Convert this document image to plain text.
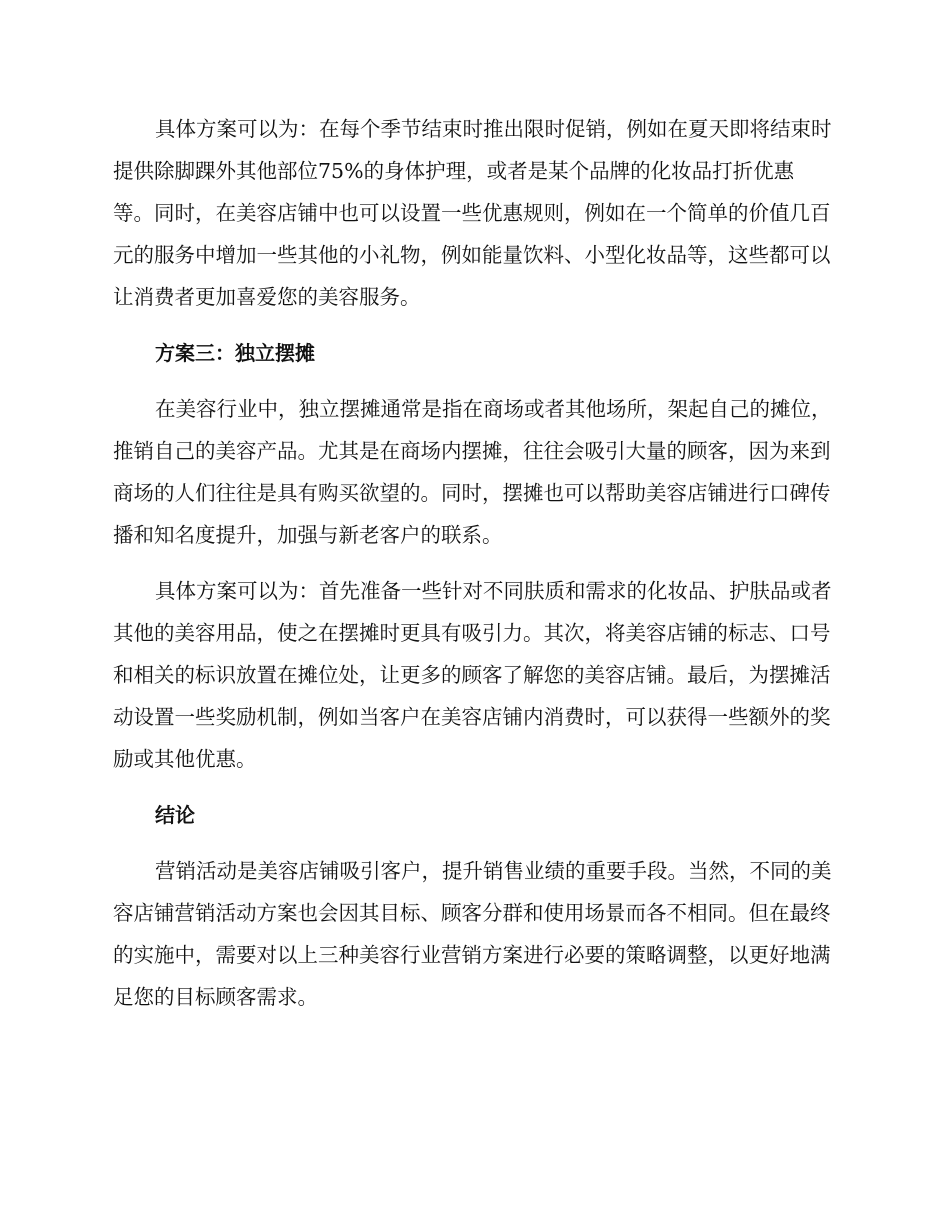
具体方案可以为：在每个季节结束时推出限时促销，例如在夏天即将结束时提供除脚踝外其他部位75%的身体护理，或者是某个品牌的化妆品打折优惠等。同时，在美容店铺中也可以设置一些优惠规则，例如在一个简单的价值几百元的服务中增加一些其他的小礼物，例如能量饮料、小型化妆品等，这些都可以让消费者更加喜爱您的美容服务。

方案三：独立摆摊

在美容行业中，独立摆摊通常是指在商场或者其他场所，架起自己的摊位，推销自己的美容产品。尤其是在商场内摆摊，往往会吸引大量的顾客，因为来到商场的人们往往是具有购买欲望的。同时，摆摊也可以帮助美容店铺进行口碑传播和知名度提升，加强与新老客户的联系。

具体方案可以为：首先准备一些针对不同肤质和需求的化妆品、护肤品或者其他的美容用品，使之在摆摊时更具有吸引力。其次，将美容店铺的标志、口号和相关的标识放置在摊位处，让更多的顾客了解您的美容店铺。最后，为摆摊活动设置一些奖励机制，例如当客户在美容店铺内消费时，可以获得一些额外的奖励或其他优惠。

结论

营销活动是美容店铺吸引客户，提升销售业绩的重要手段。当然，不同的美容店铺营销活动方案也会因其目标、顾客分群和使用场景而各不相同。但在最终的实施中，需要对以上三种美容行业营销方案进行必要的策略调整，以更好地满足您的目标顾客需求。
